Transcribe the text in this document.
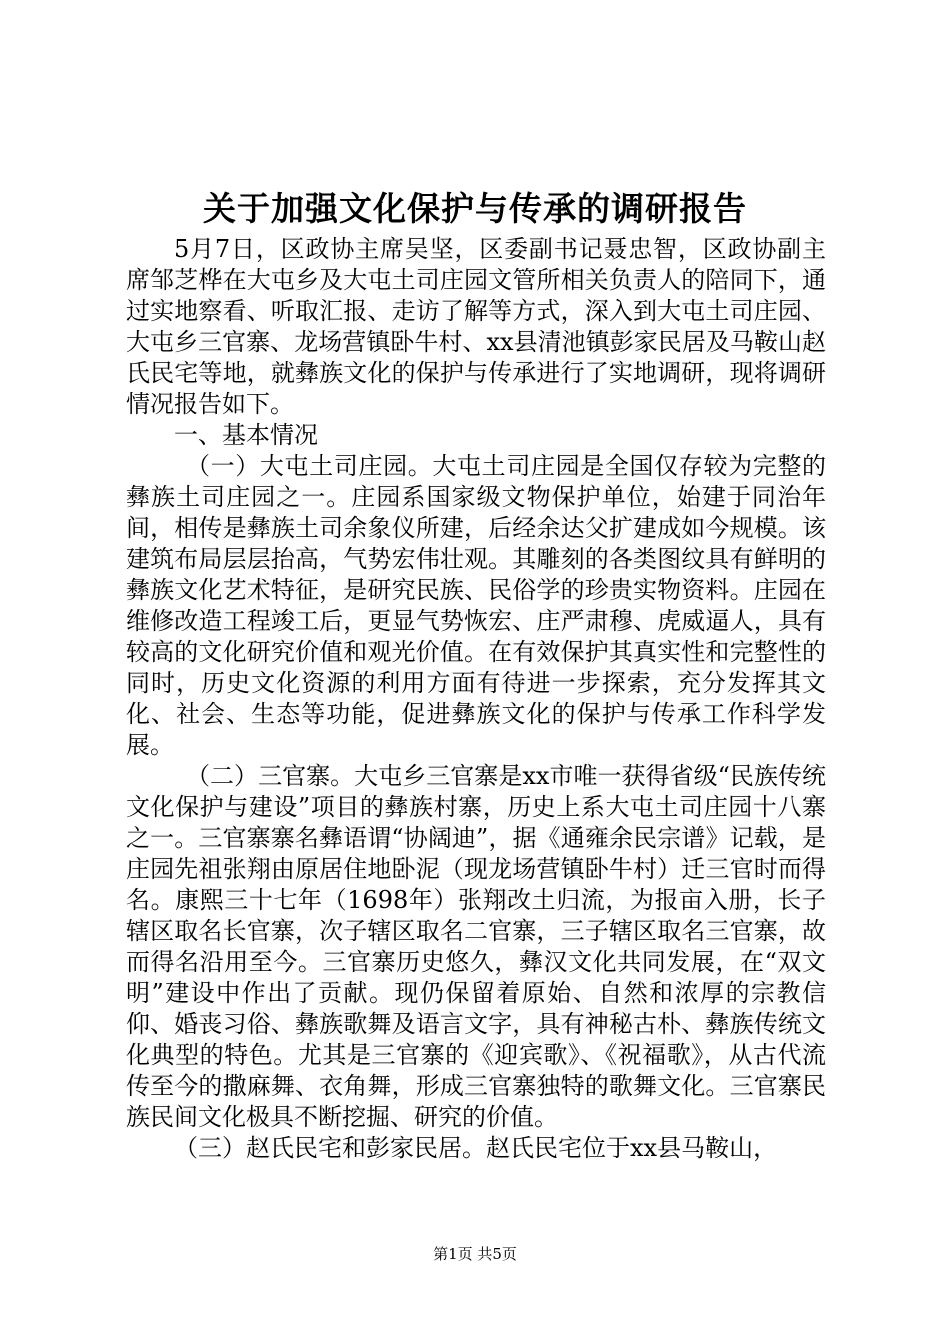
关于加强文化保护与传承的调研报告

5月7日，区政协主席吴坚，区委副书记聂忠智，区政协副主席邹芝桦在大屯乡及大屯土司庄园文管所相关负责人的陪同下，通过实地察看、听取汇报、走访了解等方式，深入到大屯土司庄园、大屯乡三官寨、龙场营镇卧牛村、xx县清池镇彭家民居及马鞍山赵氏民宅等地，就彝族文化的保护与传承进行了实地调研，现将调研情况报告如下。

一、基本情况

（一）大屯土司庄园。大屯土司庄园是全国仅存较为完整的彝族土司庄园之一。庄园系国家级文物保护单位，始建于同治年间，相传是彝族土司余象仪所建，后经余达父扩建成如今规模。该建筑布局层层抬高，气势宏伟壮观。其雕刻的各类图纹具有鲜明的彝族文化艺术特征，是研究民族、民俗学的珍贵实物资料。庄园在维修改造工程竣工后，更显气势恢宏、庄严肃穆、虎威逼人，具有较高的文化研究价值和观光价值。在有效保护其真实性和完整性的同时，历史文化资源的利用方面有待进一步探索，充分发挥其文化、社会、生态等功能，促进彝族文化的保护与传承工作科学发展。

（二）三官寨。大屯乡三官寨是xx市唯一获得省级“民族传统文化保护与建设”项目的彝族村寨，历史上系大屯土司庄园十八寨之一。三官寨寨名彝语谓“协阔迪”，据《通雍余民宗谱》记载，是庄园先祖张翔由原居住地卧泥（现龙场营镇卧牛村）迁三官时而得名。康熙三十七年（1698年）张翔改土归流，为报亩入册，长子辖区取名长官寨，次子辖区取名二官寨，三子辖区取名三官寨，故而得名沿用至今。三官寨历史悠久，彝汉文化共同发展，在“双文明”建设中作出了贡献。现仍保留着原始、自然和浓厚的宗教信仰、婚丧习俗、彝族歌舞及语言文字，具有神秘古朴、彝族传统文化典型的特色。尤其是三官寨的《迎宾歌》、《祝福歌》，从古代流传至今的撒麻舞、衣角舞，形成三官寨独特的歌舞文化。三官寨民族民间文化极具不断挖掘、研究的价值。

（三）赵氏民宅和彭家民居。赵氏民宅位于xx县马鞍山，

第1页 共5页
